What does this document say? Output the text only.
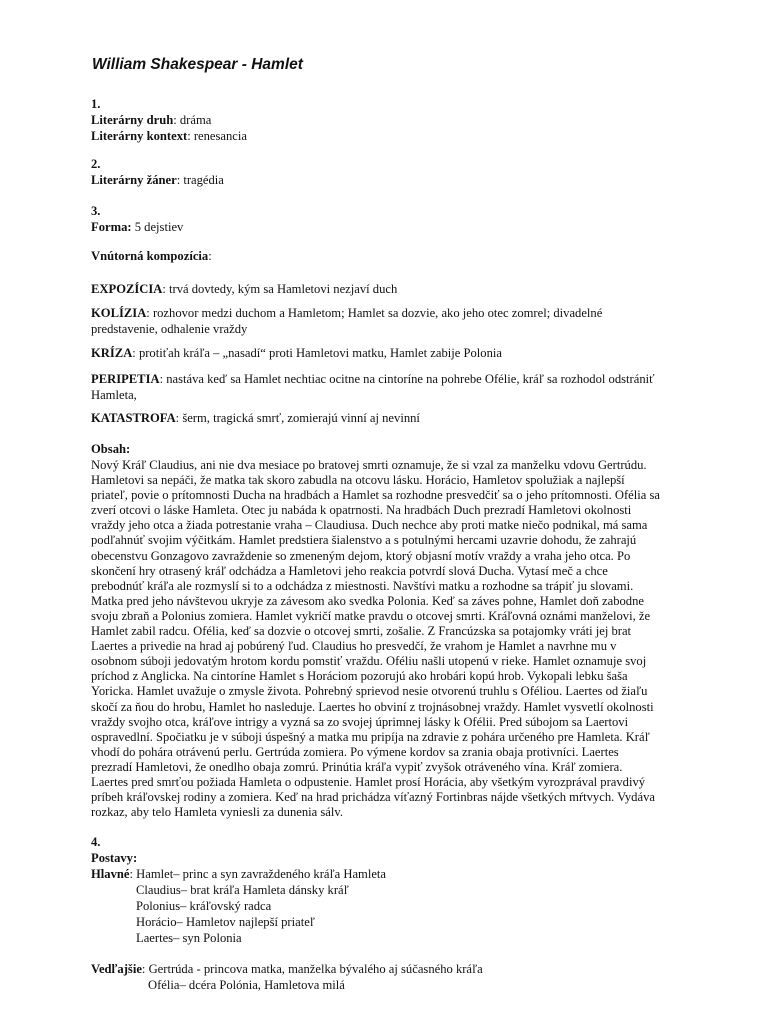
William Shakespear - Hamlet
1.
Literárny druh: dráma
Literárny kontext: renesancia
2.
Literárny žáner: tragédia
3.
Forma: 5 dejstiev
Vnútorná kompozícia:
EXPOZÍCIA: trvá dovtedy, kým sa Hamletovi nezjaví duch
KOLÍZIA: rozhovor medzi duchom a Hamletom; Hamlet sa dozvie, ako jeho otec zomrel; divadelné
predstavenie, odhalenie vraždy
KRÍZA: protiťah kráľa – „nasadí“ proti Hamletovi matku, Hamlet zabije Polonia
PERIPETIA: nastáva keď sa Hamlet nechtiac ocitne na cintoríne na pohrebe Ofélie, kráľ sa rozhodol odstrániť
Hamleta,
KATASTROFA: šerm, tragická smrť, zomierajú vinní aj nevinní
Obsah:
Nový Kráľ Claudius, ani nie dva mesiace po bratovej smrti oznamuje, že si vzal za manželku vdovu Gertrúdu.
Hamletovi sa nepáči, že matka tak skoro zabudla na otcovu lásku. Horácio, Hamletov spolužiak a najlepší
priateľ, povie o prítomnosti Ducha na hradbách a Hamlet sa rozhodne presvedčiť sa o jeho prítomnosti. Ofélia sa
zverí otcovi o láske Hamleta. Otec ju nabáda k opatrnosti. Na hradbách Duch prezradí Hamletovi okolnosti
vraždy jeho otca a žiada potrestanie vraha – Claudiusa. Duch nechce aby proti matke niečo podnikal, má sama
podľahnúť svojim výčitkám. Hamlet predstiera šialenstvo a s potulnými hercami uzavrie dohodu, že zahrajú
obecenstvu Gonzagovo zavraždenie so zmeneným dejom, ktorý objasní motív vraždy a vraha jeho otca. Po
skončení hry otrasený kráľ odchádza a Hamletovi jeho reakcia potvrdí slová Ducha. Vytasí meč a chce
prebodnúť kráľa ale rozmyslí si to a odchádza z miestnosti. Navštívi matku a rozhodne sa trápiť ju slovami.
Matka pred jeho návštevou ukryje za závesom ako svedka Polonia. Keď sa záves pohne, Hamlet doň zabodne
svoju zbraň a Polonius zomiera. Hamlet vykričí matke pravdu o otcovej smrti. Kráľovná oznámi manželovi, že
Hamlet zabil radcu. Ofélia, keď sa dozvie o otcovej smrti, zošalie. Z Francúzska sa potajomky vráti jej brat
Laertes a privedie na hrad aj pobúrený ľud. Claudius ho presvedčí, že vrahom je Hamlet a navrhne mu v
osobnom súboji jedovatým hrotom kordu pomstiť vraždu. Oféliu našli utopenú v rieke. Hamlet oznamuje svoj
príchod z Anglicka. Na cintoríne Hamlet s Horáciom pozorujú ako hrobári kopú hrob. Vykopali lebku šaša
Yoricka. Hamlet uvažuje o zmysle života. Pohrebný sprievod nesie otvorenú truhlu s Oféliou. Laertes od žiaľu
skočí za ňou do hrobu, Hamlet ho nasleduje. Laertes ho obviní z trojnásobnej vraždy. Hamlet vysvetlí okolnosti
vraždy svojho otca, kráľove intrigy a vyzná sa zo svojej úprimnej lásky k Ofélii. Pred súbojom sa Laertovi
ospravedlní. Spočiatku je v súboji úspešný a matka mu pripíja na zdravie z pohára určeného pre Hamleta. Kráľ
vhodí do pohára otrávenú perlu. Gertrúda zomiera. Po výmene kordov sa zrania obaja protivníci. Laertes
prezradí Hamletovi, že onedlho obaja zomrú. Prinútia kráľa vypiť zvyšok otráveného vína. Kráľ zomiera.
Laertes pred smrťou požiada Hamleta o odpustenie. Hamlet prosí Horácia, aby všetkým vyrozprával pravdivý
príbeh kráľovskej rodiny a zomiera. Keď na hrad prichádza víťazný Fortinbras nájde všetkých mŕtvych. Vydáva
rozkaz, aby telo Hamleta vyniesli za dunenia sálv.
4.
Postavy:
Hlavné: Hamlet– princ a syn zavraždeného kráľa Hamleta
Claudius– brat kráľa Hamleta dánsky kráľ
Polonius– kráľovský radca
Horácio– Hamletov najlepší priateľ
Laertes– syn Polonia
Vedľajšie: Gertrúda - princova matka, manželka bývalého aj súčasného kráľa
Ofélia– dcéra Polónia, Hamletova milá
